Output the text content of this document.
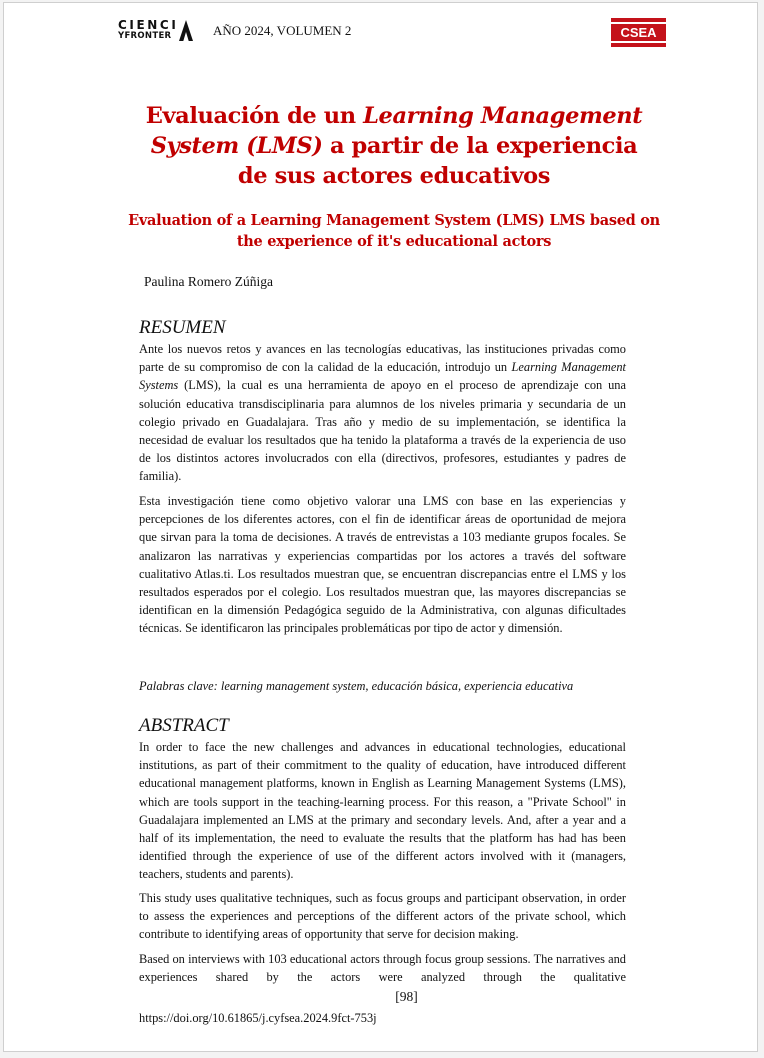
CIENCI
YFRONTER	AÑO 2024, VOLUMEN 2	CSEA
Evaluación de un Learning Management System (LMS) a partir de la experiencia de sus actores educativos
Evaluation of a Learning Management System (LMS) LMS based on the experience of it's educational actors
Paulina Romero Zúñiga
RESUMEN

Ante los nuevos retos y avances en las tecnologías educativas, las instituciones privadas como parte de su compromiso de con la calidad de la educación, introdujo un Learning Management Systems (LMS), la cual es una herramienta de apoyo en el proceso de aprendizaje con una solución educativa transdisciplinaria para alumnos de los niveles primaria y secundaria de un colegio privado en Guadalajara. Tras año y medio de su implementación, se identifica la necesidad de evaluar los resultados que ha tenido la plataforma a través de la experiencia de uso de los distintos actores involucrados con ella (directivos, profesores, estudiantes y padres de familia).

Esta investigación tiene como objetivo valorar una LMS con base en las experiencias y percepciones de los diferentes actores, con el fin de identificar áreas de oportunidad de mejora que sirvan para la toma de decisiones. A través de entrevistas a 103 mediante grupos focales. Se analizaron las narrativas y experiencias compartidas por los actores a través del software cualitativo Atlas.ti. Los resultados muestran que, se encuentran discrepancias entre el LMS y los resultados esperados por el colegio. Los resultados muestran que, las mayores discrepancias se identifican en la dimensión Pedagógica seguido de la Administrativa, con algunas dificultades técnicas. Se identificaron las principales problemáticas por tipo de actor y dimensión.

Palabras clave: learning management system, educación básica, experiencia educativa
ABSTRACT

In order to face the new challenges and advances in educational technologies, educational institutions, as part of their commitment to the quality of education, have introduced different educational management platforms, known in English as Learning Management Systems (LMS), which are tools support in the teaching-learning process. For this reason, a "Private School" in Guadalajara implemented an LMS at the primary and secondary levels. And, after a year and a half of its implementation, the need to evaluate the results that the platform has had has been identified through the experience of use of the different actors involved with it (managers, teachers, students and parents).

This study uses qualitative techniques, such as focus groups and participant observation, in order to assess the experiences and perceptions of the different actors of the private school, which contribute to identifying areas of opportunity that serve for decision making.

Based on interviews with 103 educational actors through focus group sessions. The narratives and experiences shared by the actors were analyzed through the qualitative

[98]
https://doi.org/10.61865/j.cyfsea.2024.9fct-753j
